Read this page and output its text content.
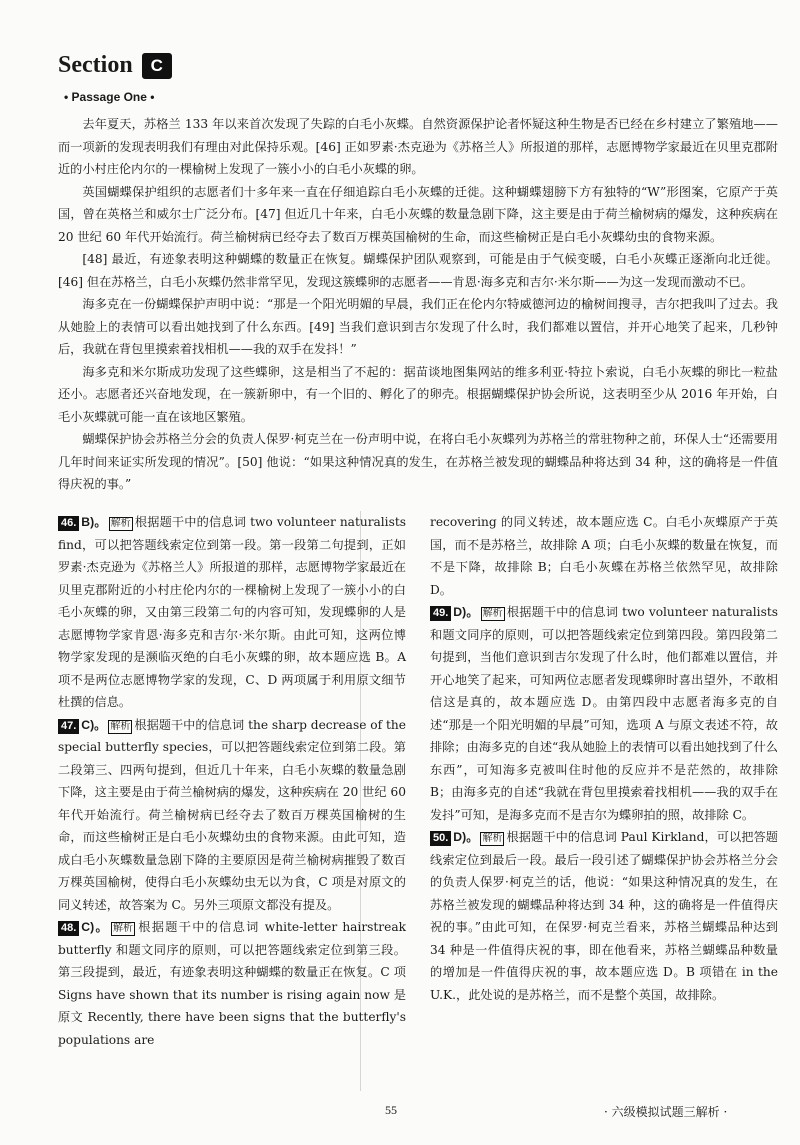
Section C
• Passage One •

去年夏天，苏格兰 133 年以来首次发现了失踪的白毛小灰蝶。自然资源保护论者怀疑这种生物是否已经在乡村建立了繁殖地——而一项新的发现表明我们有理由对此保持乐观。[46] 正如罗素·杰克逊为《苏格兰人》所报道的那样，志愿博物学家最近在贝里克郡附近的小村庄伦内尔的一棵榆树上发现了一簇小小的白毛小灰蝶的卵。

英国蝴蝶保护组织的志愿者们十多年来一直在仔细追踪白毛小灰蝶的迁徙。这种蝴蝶翅膀下方有独特的“W”形图案，它原产于英国，曾在英格兰和威尔士广泛分布。[47] 但近几十年来，白毛小灰蝶的数量急剧下降，这主要是由于荷兰榆树病的爆发，这种疾病在 20 世纪 60 年代开始流行。荷兰榆树病已经夺去了数百万棵英国榆树的生命，而这些榆树正是白毛小灰蝶幼虫的食物来源。

[48] 最近，有迹象表明这种蝴蝶的数量正在恢复。蝴蝶保护团队观察到，可能是由于气候变暖，白毛小灰蝶正逐渐向北迁徙。[46] 但在苏格兰，白毛小灰蝶仍然非常罕见，发现这簇蝶卵的志愿者——肯恩·海多克和吉尔·米尔斯——为这一发现而激动不已。

海多克在一份蝴蝶保护声明中说：“那是一个阳光明媚的早晨，我们正在伦内尔特威德河边的榆树间搜寻，吉尔把我叫了过去。我从她脸上的表情可以看出她找到了什么东西。[49] 当我们意识到吉尔发现了什么时，我们都难以置信，并开心地笑了起来，几秒钟后，我就在背包里摸索着找相机——我的双手在发抖！”

海多克和米尔斯成功发现了这些蝶卵，这是相当了不起的：据苗谈地图集网站的维多利亚·特拉卜索说，白毛小灰蝶的卵比一粒盐还小。志愿者还兴奋地发现，在一簇新卵中，有一个旧的、孵化了的卵壳。根据蝴蝶保护协会所说，这表明至少从 2016 年开始，白毛小灰蝶就可能一直在该地区繁殖。

蝴蝶保护协会苏格兰分会的负责人保罗·柯克兰在一份声明中说，在将白毛小灰蝶列为苏格兰的常驻物种之前，环保人士“还需要用几年时间来证实所发现的情况”。[50] 他说：“如果这种情况真的发生，在苏格兰被发现的蝴蝶品种将达到 34 种，这的确将是一件值得庆祝的事。”

46. B)。 解析 根据题干中的信息词 two volunteer naturalists find，可以把答题线索定位到第一段。第一段第二句提到，正如罗素·杰克逊为《苏格兰人》所报道的那样，志愿博物学家最近在贝里克郡附近的小村庄伦内尔的一棵榆树上发现了一簇小小的白毛小灰蝶的卵，又由第三段第二句的内容可知，发现蝶卵的人是志愿博物学家肯恩·海多克和吉尔·米尔斯。由此可知，这两位博物学家发现的是濒临灭绝的白毛小灰蝶的卵，故本题应选 B。A 项不是两位志愿博物学家的发现，C、D 两项属于利用原文细节杜撰的信息。

47. C)。 解析 根据题干中的信息词 the sharp decrease of the special butterfly species，可以把答题线索定位到第二段。第二段第三、四两句提到，但近几十年来，白毛小灰蝶的数量急剧下降，这主要是由于荷兰榆树病的爆发，这种疾病在 20 世纪 60 年代开始流行。荷兰榆树病已经夺去了数百万棵英国榆树的生命，而这些榆树正是白毛小灰蝶幼虫的食物来源。由此可知，造成白毛小灰蝶数量急剧下降的主要原因是荷兰榆树病摧毁了数百万棵英国榆树，使得白毛小灰蝶幼虫无以为食，C 项是对原文的同义转述，故答案为 C。另外三项原文都没有提及。

48. C)。 解析 根据题干中的信息词 white-letter hairstreak butterfly 和题文同序的原则，可以把答题线索定位到第三段。第三段提到，最近，有迹象表明这种蝴蝶的数量正在恢复。C 项 Signs have shown that its number is rising again now 是原文 Recently, there have been signs that the butterfly's populations are

recovering 的同义转述，故本题应选 C。白毛小灰蝶原产于英国，而不是苏格兰，故排除 A 项；白毛小灰蝶的数量在恢复，而不是下降，故排除 B；白毛小灰蝶在苏格兰依然罕见，故排除 D。

49. D)。 解析 根据题干中的信息词 two volunteer naturalists 和题文同序的原则，可以把答题线索定位到第四段。第四段第二句提到，当他们意识到吉尔发现了什么时，他们都难以置信，并开心地笑了起来，可知两位志愿者发现蝶卵时喜出望外，不敢相信这是真的，故本题应选 D。由第四段中志愿者海多克的自述“那是一个阳光明媚的早晨”可知，选项 A 与原文表述不符，故排除；由海多克的自述“我从她脸上的表情可以看出她找到了什么东西”，可知海多克被叫住时他的反应并不是茫然的，故排除 B；由海多克的自述“我就在背包里摸索着找相机——我的双手在发抖”可知，是海多克而不是吉尔为蝶卵拍的照，故排除 C。

50. D)。 解析 根据题干中的信息词 Paul Kirkland，可以把答题线索定位到最后一段。最后一段引述了蝴蝶保护协会苏格兰分会的负责人保罗·柯克兰的话，他说：“如果这种情况真的发生，在苏格兰被发现的蝴蝶品种将达到 34 种，这的确将是一件值得庆祝的事。”由此可知，在保罗·柯克兰看来，苏格兰蝴蝶品种达到 34 种是一件值得庆祝的事，即在他看来，苏格兰蝴蝶品种数量的增加是一件值得庆祝的事，故本题应选 D。B 项错在 in the U.K.，此处说的是苏格兰，而不是整个英国，故排除。

55	· 六级模拟试题三解析 ·
